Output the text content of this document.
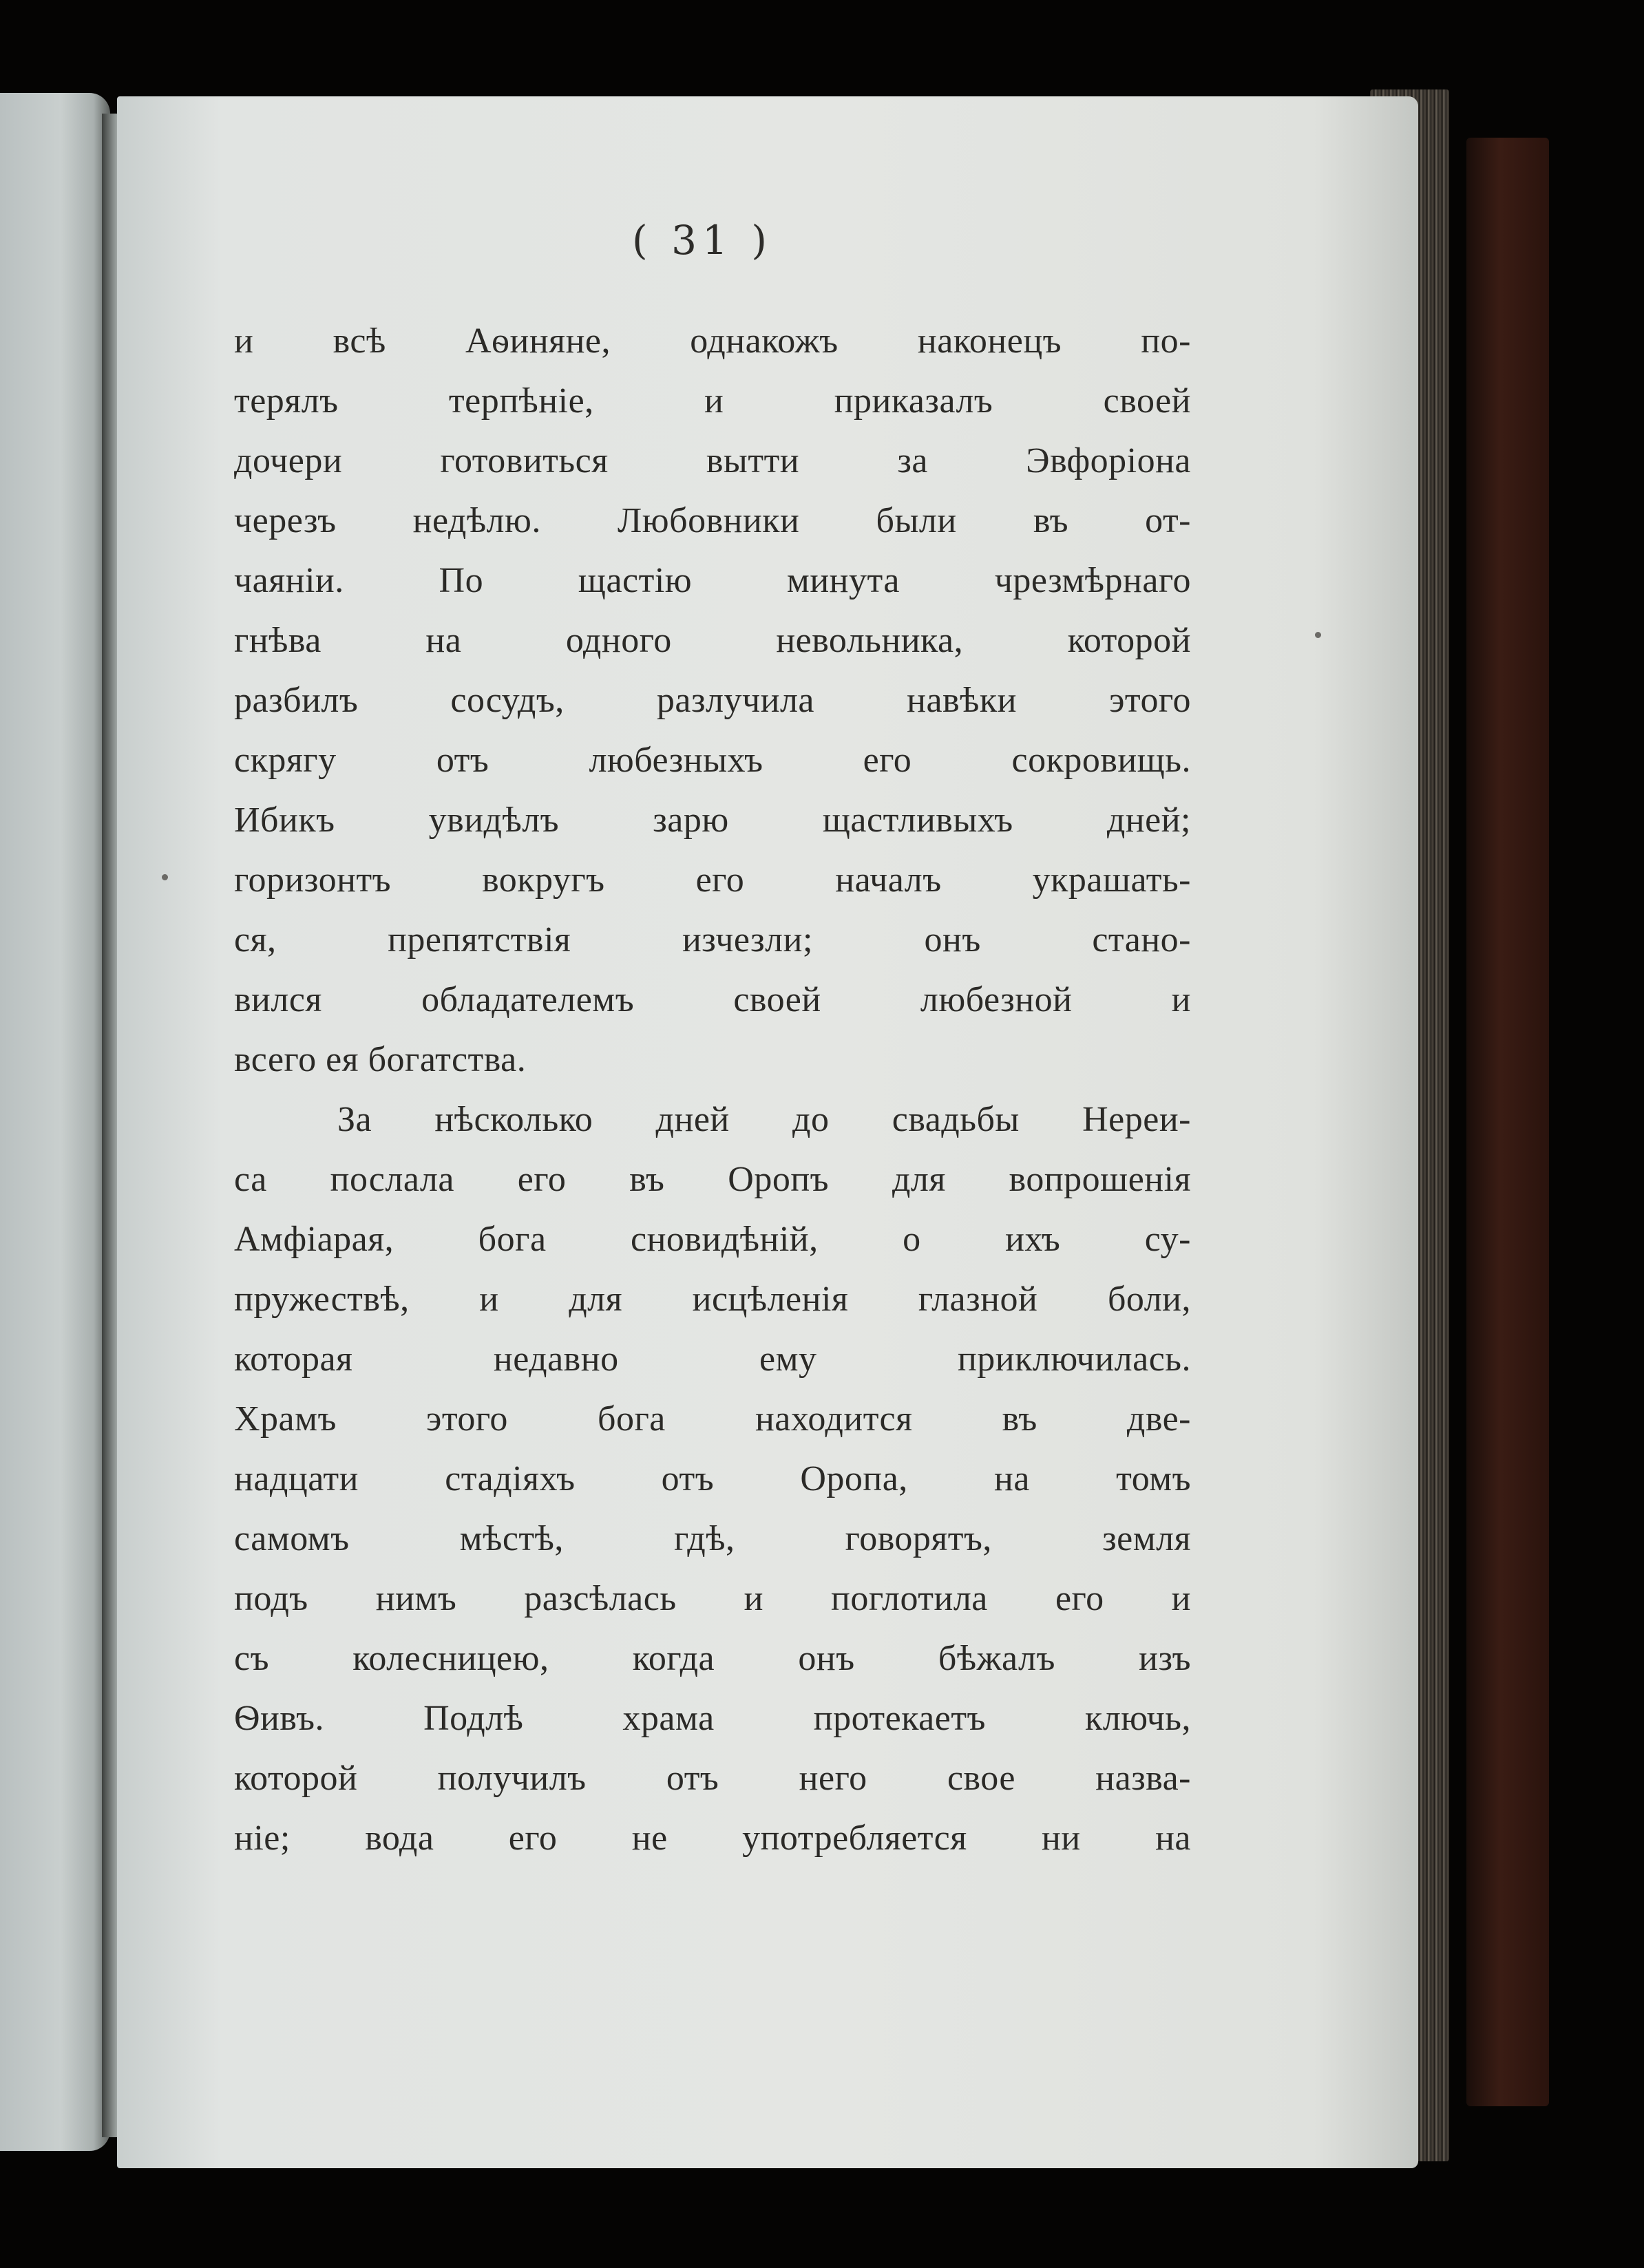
( 31 )
и всѣ Аѳиняне, однакожъ наконецъ по-
терялъ терпѣніе, и приказалъ своей
дочери готовиться вытти за Эвфоріона
черезъ недѣлю. Любовники были въ от-
чаяніи. По щастію минута чрезмѣрнаго
гнѣва на одного невольника, которой
разбилъ сосудъ, разлучила навѣки этого
скрягу отъ любезныхъ его сокровищь.
Ибикъ увидѣлъ зарю щастливыхъ дней;
горизонтъ вокругъ его началъ украшать-
ся, препятствія изчезли; онъ стано-
вился обладателемъ своей любезной и
всего ея богатства.
За нѣсколько дней до свадьбы Нереи-
са послала его въ Оропъ для вопрошенія
Амфіарая, бога сновидѣній, о ихъ су-
пружествѣ, и для исцѣленія глазной боли,
которая недавно ему приключилась.
Храмъ этого бога находится въ две-
надцати стадіяхъ отъ Оропа, на томъ
самомъ мѣстѣ, гдѣ, говорятъ, земля
подъ нимъ разсѣлась и поглотила его и
съ колесницею, когда онъ бѣжалъ изъ
Ѳивъ. Подлѣ храма протекаетъ ключь,
которой получилъ отъ него свое назва-
ніе; вода его не употребляется ни на
